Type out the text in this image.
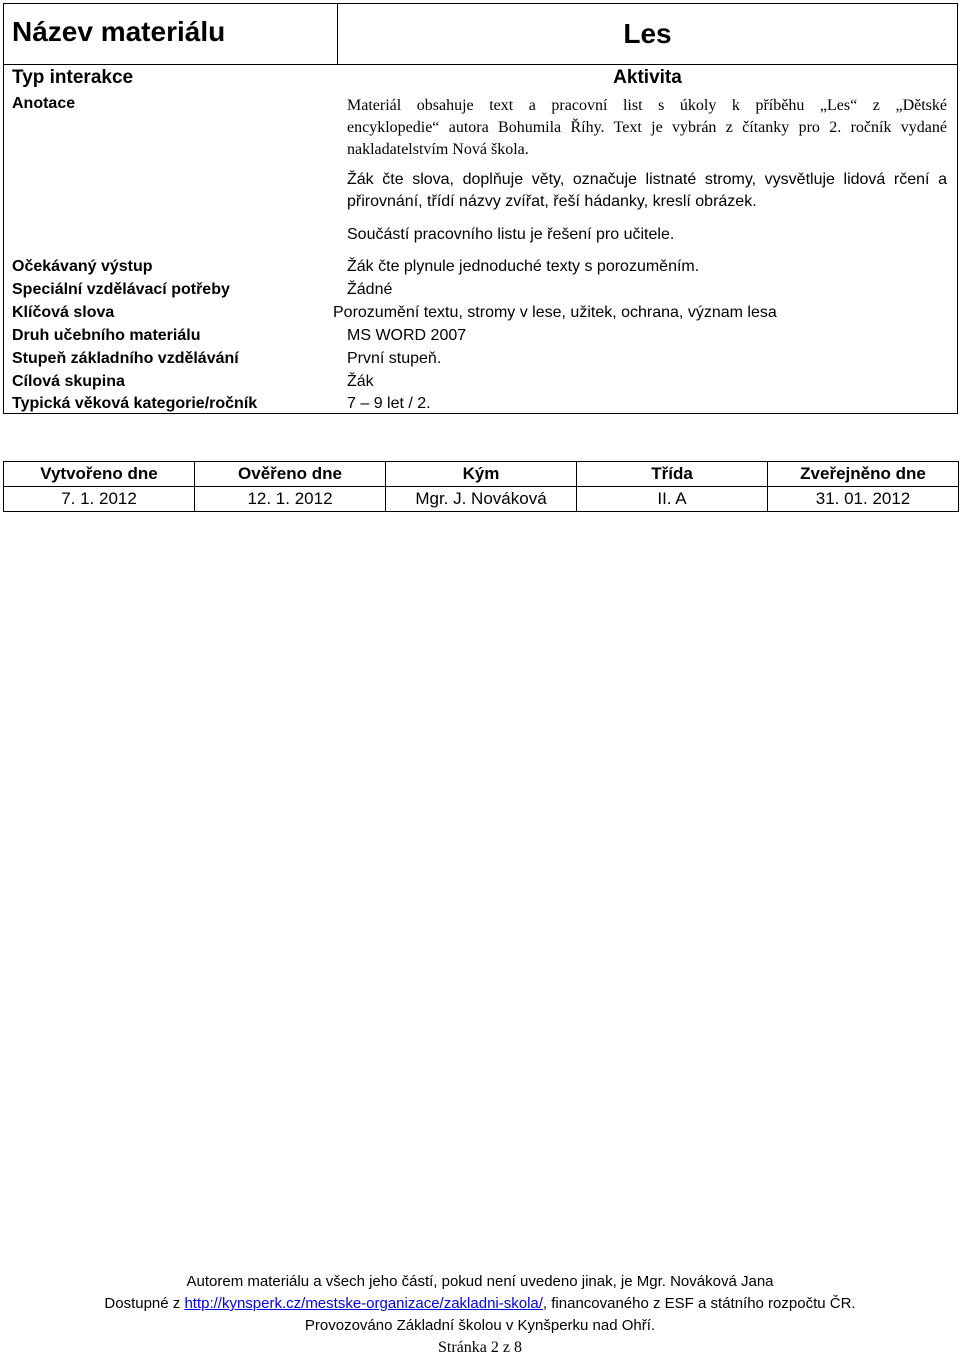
Název materiálu	Les
Typ interakce	Aktivita
Anotace	Materiál obsahuje text a pracovní list s úkoly k příběhu „Les“ z „Dětské
encyklopedie“ autora Bohumila Říhy. Text je vybrán z čítanky pro 2. ročník vydané
nakladatelstvím Nová škola.
Žák čte slova, doplňuje věty, označuje listnaté stromy, vysvětluje lidová rčení a
přirovnání, třídí názvy zvířat, řeší hádanky, kreslí obrázek.
Součástí pracovního listu je řešení pro učitele.
Očekávaný výstup	Žák čte plynule jednoduché texty s porozuměním.
Speciální vzdělávací potřeby	Žádné
Klíčová slova	Porozumění textu, stromy v lese, užitek, ochrana, význam lesa
Druh učebního materiálu	MS WORD 2007
Stupeň základního vzdělávání	První stupeň.
Cílová skupina	Žák
Typická věková kategorie/ročník	7 – 9 let / 2.
Vytvořeno dne	Ověřeno dne	Kým	Třída	Zveřejněno dne
7. 1. 2012	12. 1. 2012	Mgr. J. Nováková	II. A	31. 01. 2012
Autorem materiálu a všech jeho částí, pokud není uvedeno jinak, je Mgr. Nováková Jana
Dostupné z http://kynsperk.cz/mestske-organizace/zakladni-skola/, financovaného z ESF a státního rozpočtu ČR.
Provozováno Základní školou v Kynšperku nad Ohří.
Stránka 2 z 8
